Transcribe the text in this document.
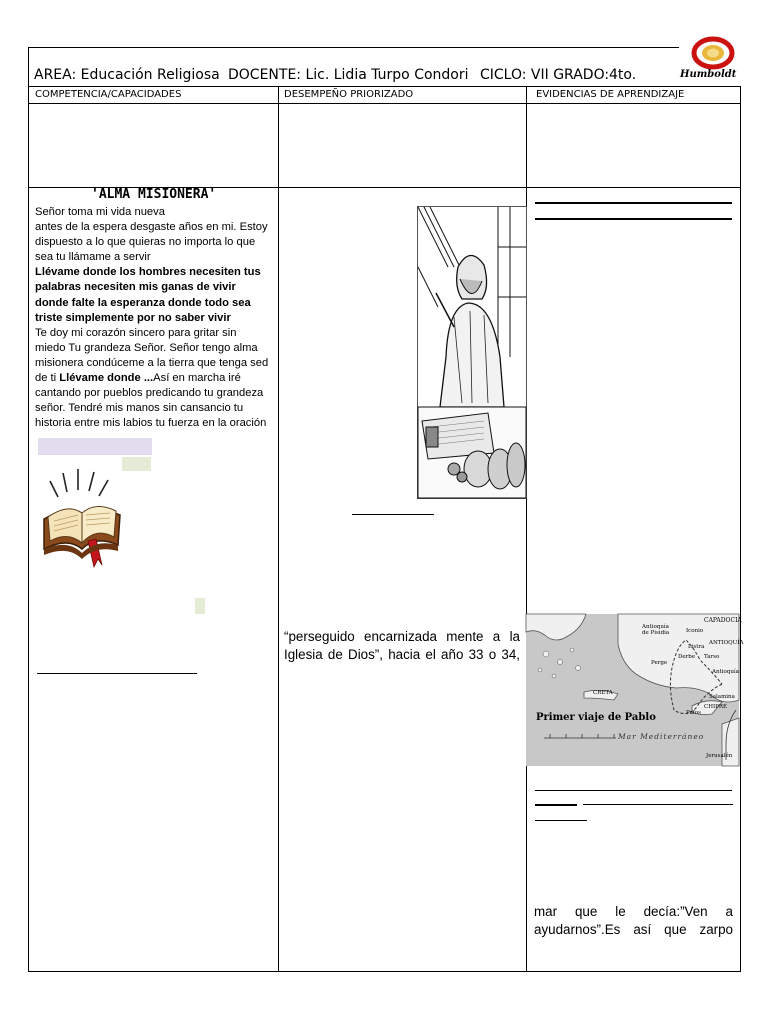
AREA: Educación Religiosa DOCENTE: Lic. Lidia Turpo Condori CICLO: VII GRADO: 4to.	Humboldt
COMPETENCIA/CAPACIDADES	DESEMPEÑO PRIORIZADO	EVIDENCIAS DE APRENDIZAJE
'ALMA MISIONERA'
Señor toma mi vida nueva
antes de la espera desgaste años en mi. Estoy
dispuesto a lo que quieras no importa lo que
sea tu llámame a servir
Llévame donde los hombres necesiten tus
palabras necesiten mis ganas de vivir
donde falte la esperanza donde todo sea
triste simplemente por no saber vivir
Te doy mi corazón sincero para gritar sin
miedo Tu grandeza Señor. Señor tengo alma
misionera condúceme a la tierra que tenga sed
de ti Llévame donde ...Así en marcha iré
cantando por pueblos predicando tu grandeza
señor. Tendré mis manos sin cansancio tu
historia entre mis labios tu fuerza en la oración
“perseguido encarnizada mente a la
Iglesia de Dios”, hacia el año 33 o 34,
Primer viaje de Pablo
Mar Mediterráneo
CAPADOCIA
Antioquía de Pisidia	Iconio
ANTIOQUÍA
Listra
Derbe Tarso
Perge
Antioquía
CRETA
Salamina
Pafos
CHIPRE
Jerusalén
mar que le decía:”Ven a
ayudarnos”.Es así que zarpo
